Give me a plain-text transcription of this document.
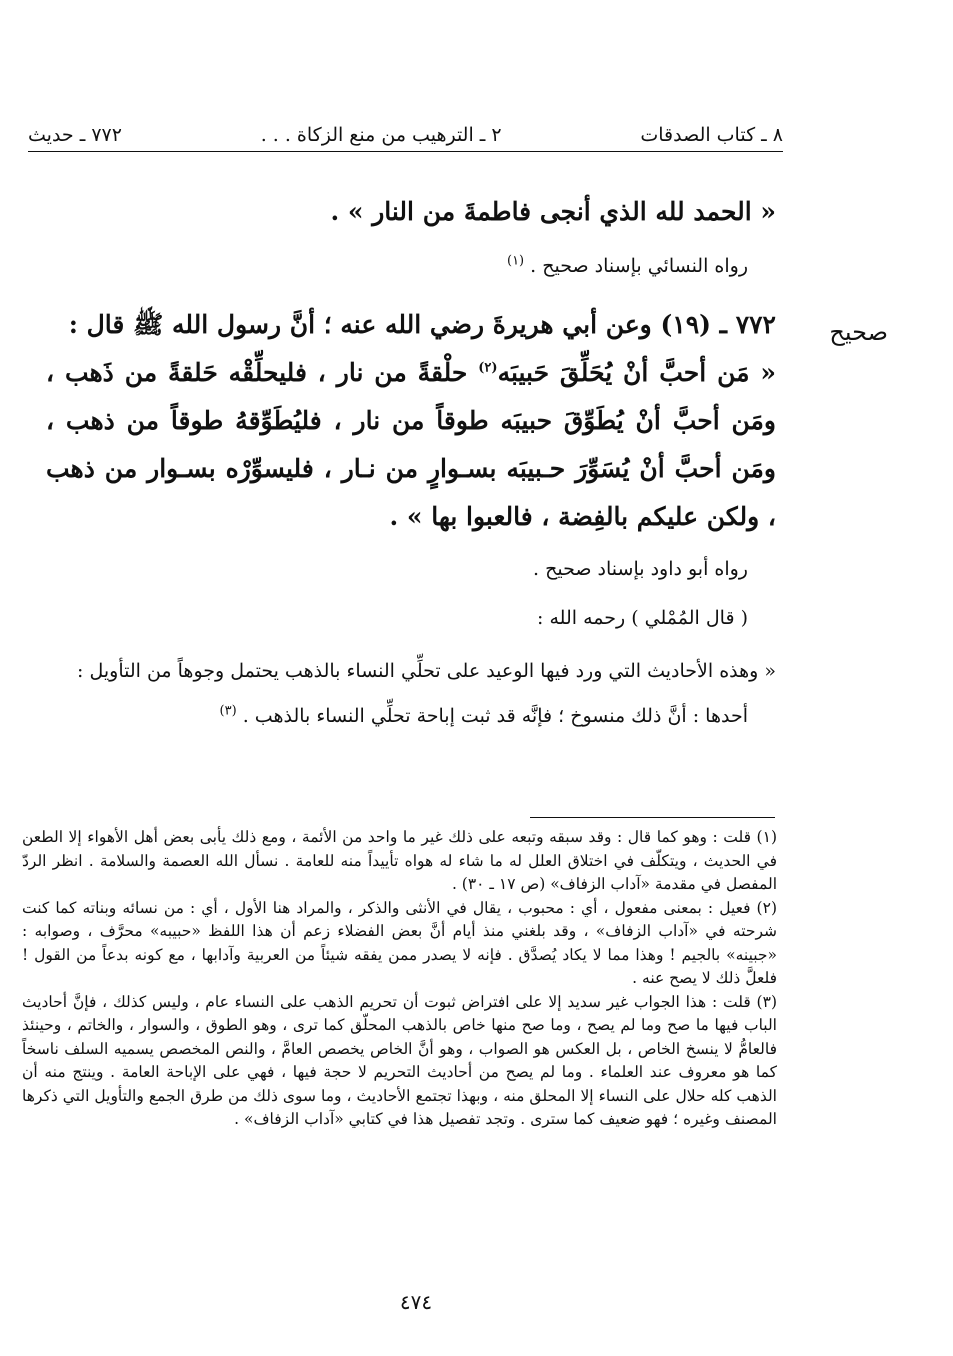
٨ ـ كتاب الصدقات
٢ ـ الترهيب من منع الزكاة . . .
٧٧٢ ـ حديث
صحيح

« الحمد لله الذي أنجى فاطمةَ من النار » .

رواه النسائي بإسناد صحيح . $^{(١)}$

٧٧٢ ـ (١٩) وعن أبي هريرةَ رضي الله عنه ؛ أنَّ رسول الله ﷺ قال :

« مَن أحبَّ أنْ يُحَلِّقَ حَبيبَه$^{(٢)}$ حلْقةً من نار ، فليحلِّقْه حَلقةً من ذَهب ، ومَن أحبَّ أنْ يُطَوِّقَ حبيبَه طوقاً من نار ، فليُطَوِّقهُ طوقاً من ذهب ، ومَن أحبَّ أنْ يُسَوِّرَ حـبيبَه بسـوارٍ من نـار ، فليسوِّرْه بسـوار من ذهب ، ولكن عليكم بالفِضة ، فالعبوا بها » .

رواه أبو داود بإسناد صحيح .

( قال المُمْلي ) رحمه الله :

« وهذه الأحاديث التي ورد فيها الوعيد على تحلِّي النساء بالذهب يحتمل وجوهاً من التأويل :

أحدها : أنَّ ذلك منسوخ ؛ فإنَّه قد ثبت إباحة تحلِّي النساء بالذهب . $^{(٣)}$

(١) قلت : وهو كما قال : وقد سبقه وتبعه على ذلك غير ما واحد من الأئمة ، ومع ذلك يأبى بعض أهل الأهواء إلا الطعن في الحديث ، ويتكلّف في اختلاق العلل له ما شاء له هواه تأييداً منه للعامة . نسأل الله العصمة والسلامة . انظر الردّ المفصل في مقدمة «آداب الزفاف» (ص ١٧ ـ ٣٠) .

(٢) فعيل : بمعنى مفعول ، أي : محبوب ، يقال في الأنثى والذكر ، والمراد هنا الأول ، أي : من نسائه وبناته كما كنت شرحته في «آداب الزفاف» ، وقد بلغني منذ أيام أنَّ بعض الفضلاء زعم أن هذا اللفظ «حبيبه» محرَّف ، وصوابه : «جبينه» بالجيم ! وهذا مما لا يكاد يُصدَّق . فإنه لا يصدر ممن يفقه شيئاً من العربية وآدابها ، مع كونه بدعاً من القول ! فلعلَّ ذلك لا يصح عنه .

(٣) قلت : هذا الجواب غير سديد إلا على افتراض ثبوت أن تحريم الذهب على النساء عام ، وليس كذلك ، فإنَّ أحاديث الباب فيها ما صح وما لم يصح ، وما صح منها خاص بالذهب المحلّق كما ترى ، وهو الطوق ، والسوار ، والخاتم ، وحينئذ فالعامُّ لا ينسخ الخاص ، بل العكس هو الصواب ، وهو أنَّ الخاص يخصص العامَّ ، والنص المخصص يسميه السلف ناسخاً كما هو معروف عند العلماء . وما لم يصح من أحاديث التحريم لا حجة فيها ، فهي على الإباحة العامة . وينتج منه أن الذهب كله حلال على النساء إلا المحلق منه ، وبهذا تجتمع الأحاديث ، وما سوى ذلك من طرق الجمع والتأويل التي ذكرها المصنف وغيره ؛ فهو ضعيف كما سترى . وتجد تفصيل هذا في كتابي «آداب الزفاف» .

٤٧٤
